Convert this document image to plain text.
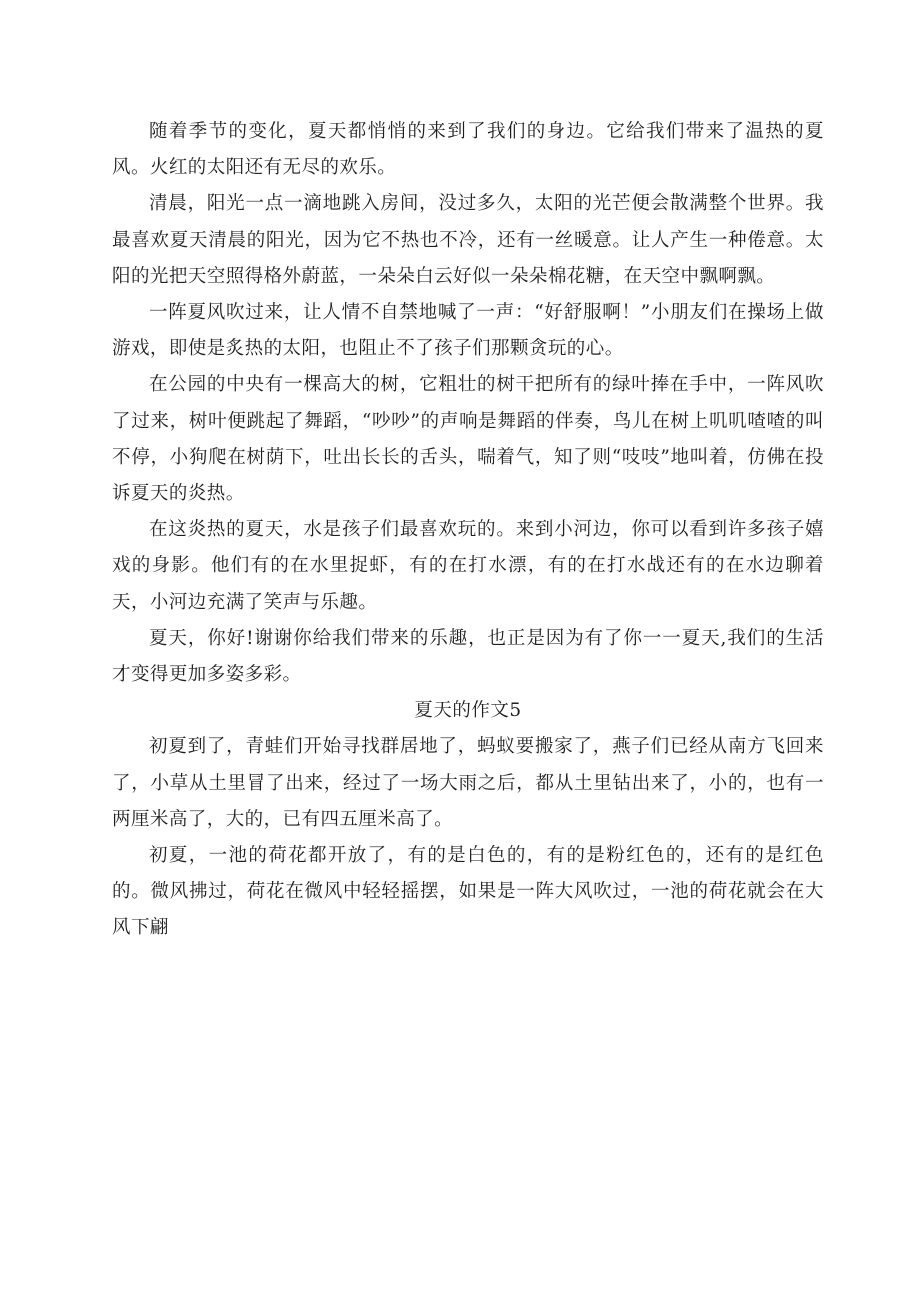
随着季节的变化，夏天都悄悄的来到了我们的身边。它给我们带来了温热的夏风。火红的太阳还有无尽的欢乐。

清晨，阳光一点一滴地跳入房间，没过多久，太阳的光芒便会散满整个世界。我最喜欢夏天清晨的阳光，因为它不热也不冷，还有一丝暖意。让人产生一种倦意。太阳的光把天空照得格外蔚蓝，一朵朵白云好似一朵朵棉花糖，在天空中飘啊飘。

一阵夏风吹过来，让人情不自禁地喊了一声：“好舒服啊！”小朋友们在操场上做游戏，即使是炙热的太阳，也阻止不了孩子们那颗贪玩的心。

在公园的中央有一棵高大的树，它粗壮的树干把所有的绿叶捧在手中，一阵风吹了过来，树叶便跳起了舞蹈，“吵吵”的声响是舞蹈的伴奏，鸟儿在树上叽叽喳喳的叫不停，小狗爬在树荫下，吐出长长的舌头，喘着气，知了则“吱吱”地叫着，仿佛在投诉夏天的炎热。

在这炎热的夏天，水是孩子们最喜欢玩的。来到小河边，你可以看到许多孩子嬉戏的身影。他们有的在水里捉虾，有的在打水漂，有的在打水战还有的在水边聊着天，小河边充满了笑声与乐趣。

夏天，你好!谢谢你给我们带来的乐趣，也正是因为有了你一一夏天,我们的生活才变得更加多姿多彩。

夏天的作文5

初夏到了，青蛙们开始寻找群居地了，蚂蚁要搬家了，燕子们已经从南方飞回来了，小草从土里冒了出来，经过了一场大雨之后，都从土里钻出来了，小的，也有一两厘米高了，大的，已有四五厘米高了。

初夏，一池的荷花都开放了，有的是白色的，有的是粉红色的，还有的是红色的。微风拂过，荷花在微风中轻轻摇摆，如果是一阵大风吹过，一池的荷花就会在大风下翩
